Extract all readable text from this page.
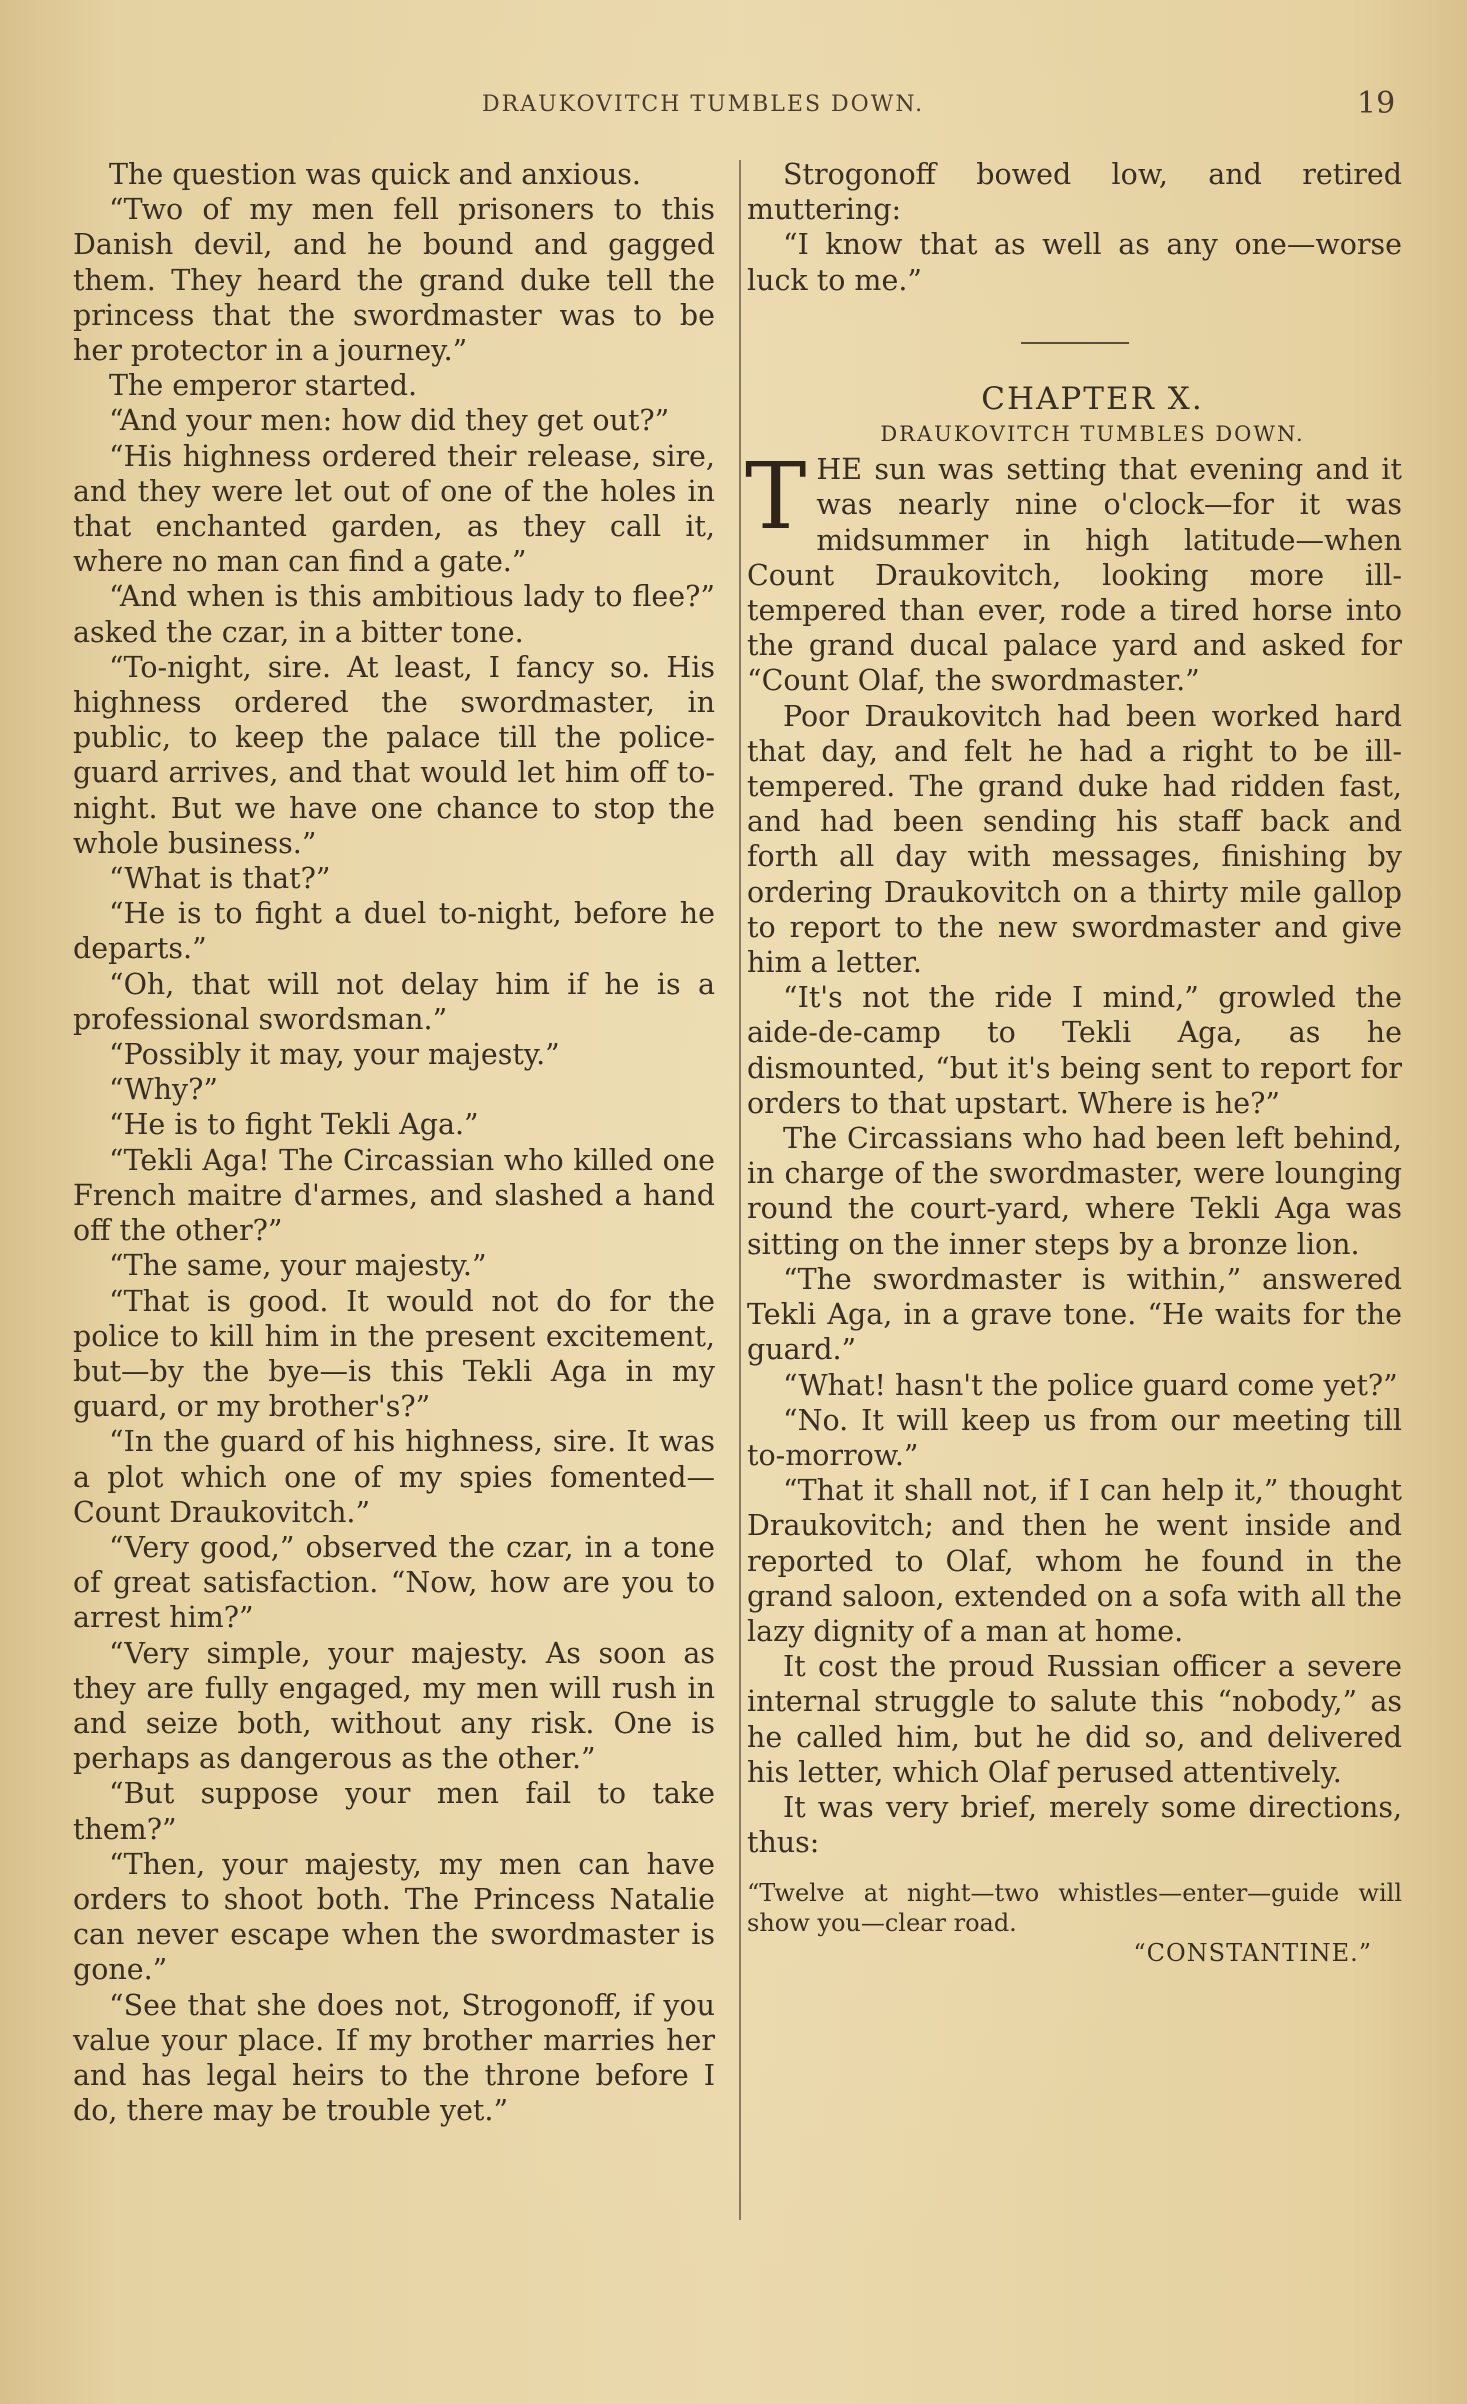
DRAUKOVITCH TUMBLES DOWN.	19

The question was quick and anxious.

“Two of my men fell prisoners to this Danish devil, and he bound and gagged them. They heard the grand duke tell the princess that the swordmaster was to be her protector in a journey.”

The emperor started.

“And your men: how did they get out?”

“His highness ordered their release, sire, and they were let out of one of the holes in that enchanted garden, as they call it, where no man can find a gate.”

“And when is this ambitious lady to flee?” asked the czar, in a bitter tone.

“To-night, sire. At least, I fancy so. His highness ordered the swordmaster, in public, to keep the palace till the police-guard arrives, and that would let him off to-night. But we have one chance to stop the whole business.”

“What is that?”

“He is to fight a duel to-night, before he departs.”

“Oh, that will not delay him if he is a professional swordsman.”

“Possibly it may, your majesty.”

“Why?”

“He is to fight Tekli Aga.”

“Tekli Aga! The Circassian who killed one French maitre d'armes, and slashed a hand off the other?”

“The same, your majesty.”

“That is good. It would not do for the police to kill him in the present excitement, but—by the bye—is this Tekli Aga in my guard, or my brother's?”

“In the guard of his highness, sire. It was a plot which one of my spies fomented—Count Draukovitch.”

“Very good,” observed the czar, in a tone of great satisfaction. “Now, how are you to arrest him?”

“Very simple, your majesty. As soon as they are fully engaged, my men will rush in and seize both, without any risk. One is perhaps as dangerous as the other.”

“But suppose your men fail to take them?”

“Then, your majesty, my men can have orders to shoot both. The Princess Natalie can never escape when the swordmaster is gone.”

“See that she does not, Strogonoff, if you value your place. If my brother marries her and has legal heirs to the throne before I do, there may be trouble yet.”

Strogonoff bowed low, and retired muttering:

“I know that as well as any one—worse luck to me.”

CHAPTER X.

DRAUKOVITCH TUMBLES DOWN.

THE sun was setting that evening and it was nearly nine o'clock—for it was midsummer in high latitude—when Count Draukovitch, looking more ill-tempered than ever, rode a tired horse into the grand ducal palace yard and asked for “Count Olaf, the swordmaster.”

Poor Draukovitch had been worked hard that day, and felt he had a right to be ill-tempered. The grand duke had ridden fast, and had been sending his staff back and forth all day with messages, finishing by ordering Draukovitch on a thirty mile gallop to report to the new swordmaster and give him a letter.

“It's not the ride I mind,” growled the aide-de-camp to Tekli Aga, as he dismounted, “but it's being sent to report for orders to that upstart. Where is he?”

The Circassians who had been left behind, in charge of the swordmaster, were lounging round the court-yard, where Tekli Aga was sitting on the inner steps by a bronze lion.

“The swordmaster is within,” answered Tekli Aga, in a grave tone. “He waits for the guard.”

“What! hasn't the police guard come yet?”

“No. It will keep us from our meeting till to-morrow.”

“That it shall not, if I can help it,” thought Draukovitch; and then he went inside and reported to Olaf, whom he found in the grand saloon, extended on a sofa with all the lazy dignity of a man at home.

It cost the proud Russian officer a severe internal struggle to salute this “nobody,” as he called him, but he did so, and delivered his letter, which Olaf perused attentively.

It was very brief, merely some directions, thus:

“Twelve at night—two whistles—enter—guide will show you—clear road.

“CONSTANTINE.”
